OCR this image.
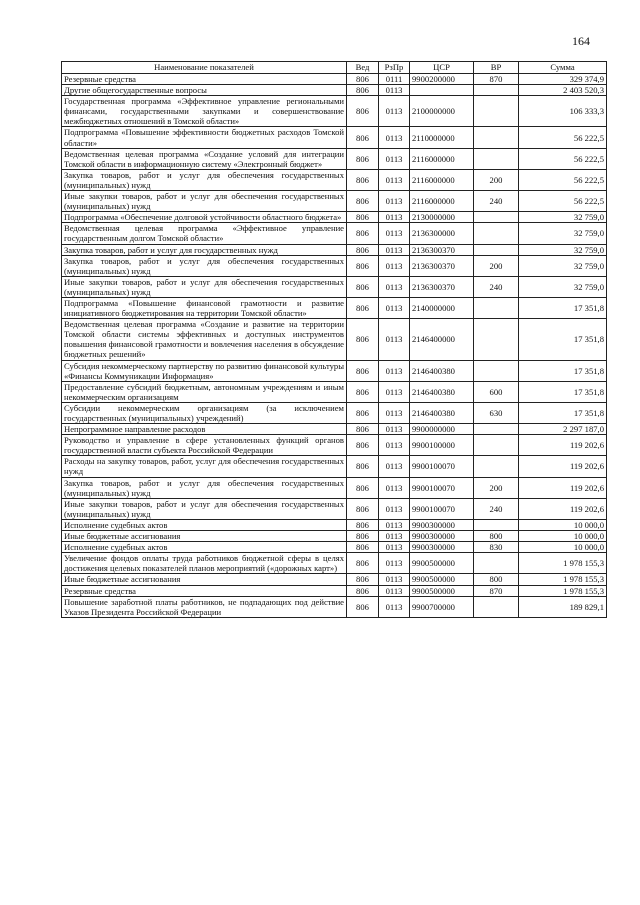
164
Наименование показателей	Вед	РзПр	ЦСР	ВР	Сумма
Резервные средства	806	0111	9900200000	870	329 374,9
Другие общегосударственные вопросы	806	0113			2 403 520,3
Государственная программа «Эффективное управление региональными финансами, государственными закупками и совершенствование межбюджетных отношений в Томской области»	806	0113	2100000000		106 333,3
Подпрограмма «Повышение эффективности бюджетных расходов Томской области»	806	0113	2110000000		56 222,5
Ведомственная целевая программа «Создание условий для интеграции Томской области в информационную систему «Электронный бюджет»	806	0113	2116000000		56 222,5
Закупка товаров, работ и услуг для обеспечения государственных (муниципальных) нужд	806	0113	2116000000	200	56 222,5
Иные закупки товаров, работ и услуг для обеспечения государственных (муниципальных) нужд	806	0113	2116000000	240	56 222,5
Подпрограмма «Обеспечение долговой устойчивости областного бюджета»	806	0113	2130000000		32 759,0
Ведомственная целевая программа «Эффективное управление государственным долгом Томской области»	806	0113	2136300000		32 759,0
Закупка товаров, работ и услуг для государственных нужд	806	0113	2136300370		32 759,0
Закупка товаров, работ и услуг для обеспечения государственных (муниципальных) нужд	806	0113	2136300370	200	32 759,0
Иные закупки товаров, работ и услуг для обеспечения государственных (муниципальных) нужд	806	0113	2136300370	240	32 759,0
Подпрограмма «Повышение финансовой грамотности и развитие инициативного бюджетирования на территории Томской области»	806	0113	2140000000		17 351,8
Ведомственная целевая программа «Создание и развитие на территории Томской области системы эффективных и доступных инструментов повышения финансовой грамотности и вовлечения населения в обсуждение бюджетных решений»	806	0113	2146400000		17 351,8
Субсидия некоммерческому партнерству по развитию финансовой культуры «Финансы Коммуникации Информация»	806	0113	2146400380		17 351,8
Предоставление субсидий бюджетным, автономным учреждениям и иным некоммерческим организациям	806	0113	2146400380	600	17 351,8
Субсидии некоммерческим организациям (за исключением государственных (муниципальных) учреждений)	806	0113	2146400380	630	17 351,8
Непрограммное направление расходов	806	0113	9900000000		2 297 187,0
Руководство и управление в сфере установленных функций органов государственной власти субъекта Российской Федерации	806	0113	9900100000		119 202,6
Расходы на закупку товаров, работ, услуг для обеспечения государственных нужд	806	0113	9900100070		119 202,6
Закупка товаров, работ и услуг для обеспечения государственных (муниципальных) нужд	806	0113	9900100070	200	119 202,6
Иные закупки товаров, работ и услуг для обеспечения государственных (муниципальных) нужд	806	0113	9900100070	240	119 202,6
Исполнение судебных актов	806	0113	9900300000		10 000,0
Иные бюджетные ассигнования	806	0113	9900300000	800	10 000,0
Исполнение судебных актов	806	0113	9900300000	830	10 000,0
Увеличение фондов оплаты труда работников бюджетной сферы в целях достижения целевых показателей планов мероприятий («дорожных карт»)	806	0113	9900500000		1 978 155,3
Иные бюджетные ассигнования	806	0113	9900500000	800	1 978 155,3
Резервные средства	806	0113	9900500000	870	1 978 155,3
Повышение заработной платы работников, не подпадающих под действие Указов Президента Российской Федерации	806	0113	9900700000		189 829,1
